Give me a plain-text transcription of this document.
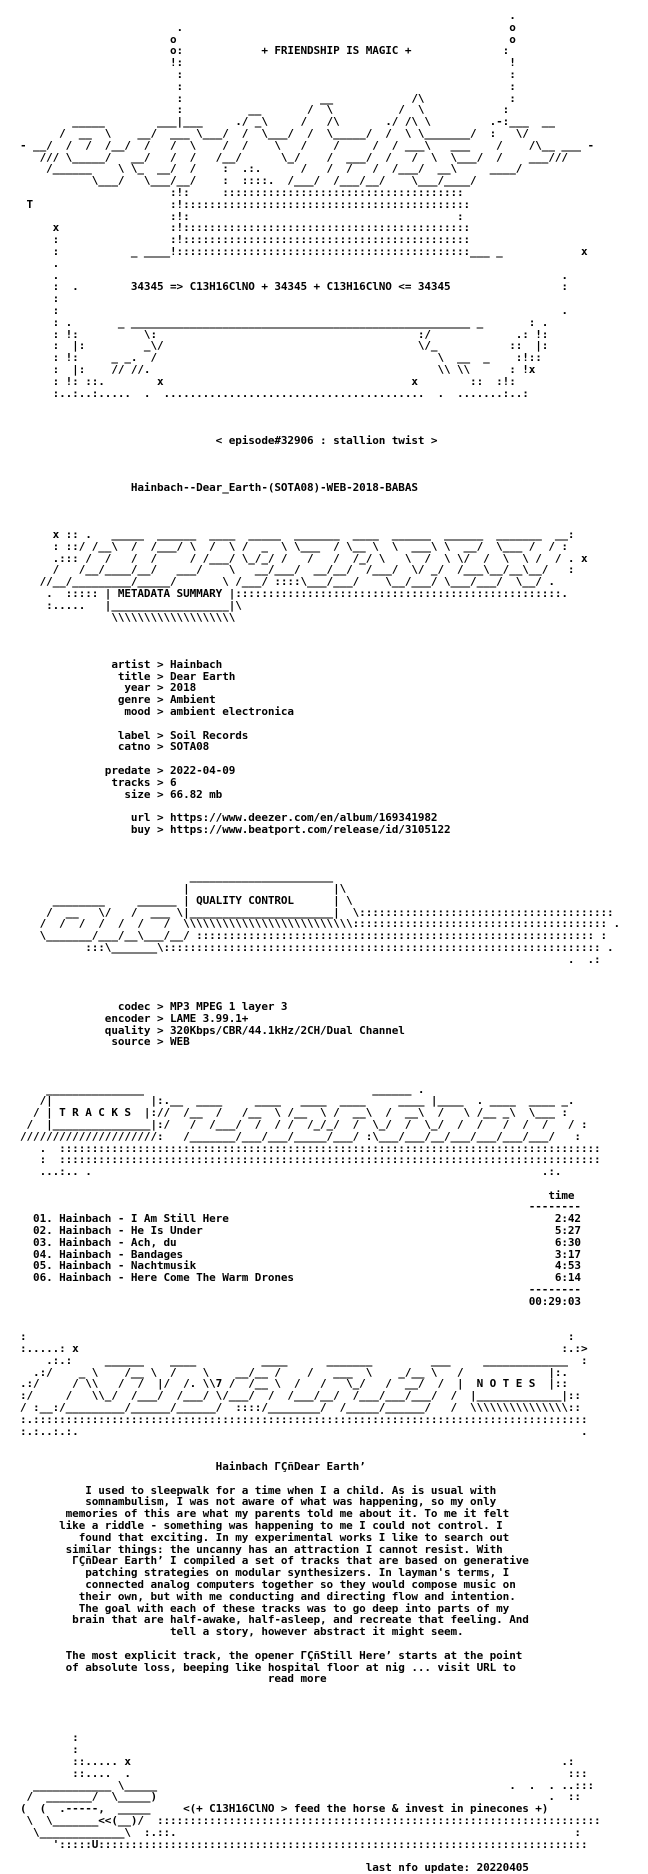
.
.                                                  o
o                                                   o
o:            + FRIENDSHIP IS MAGIC +              :
!:                                                  !
:                                                  :
:                                                  :
:                     __            /\             :
:          __       /  \          /  \            :
_____        ___|___     ./ _\     /   /\       ./ /\ \         .-:___  __
/  __  \    __/  ___ \___/  /  \___/  /  \_____/  /  \ \_______/  :   \/
- __/  /  /  /__/  /   /  \    /  /    \   /    /     /  / ___\   ___    /    /\__ ___ -
/// \_____/   __/   /  /   /__/      \_/    /  ___/  /   /  \  \___/  /    ___///
/______    \ \_  __/  /    :  .:.      /   /  /   /  /___/  __\     ____/
\___/   \___/__/    :  ::::.  /___/  /___/__/    \___/____/
:!:     :::::::::::::::::::::::::::::::::::::
T                     :!::::::::::::::::::::::::::::::::::::::::::::
:!:                                         :
x                 :!::::::::::::::::::::::::::::::::::::::::::::
:                 :!::::::::::::::::::::::::::::::::::::::::::::
:           _ ____!:::::::::::::::::::::::::::::::::::::::::::::___ _            x
.
.                                                                             .
:  .        34345 => C13H16ClNO + 34345 + C13H16ClNO <= 34345                 :
:
:                                                                             .
: .       _ ____________________________________________________ _       : .
: !:          \:                                        :/             .: !:
:  |:         _\/                                       \/_           ::  |:
: !:     _ _.  /                                           \  __  _    :!::
:  |:    // //.                                            \\ \\      : !x
: !: ::.        x                                      x        ::  :!:
:..:..:.....  .  ........................................  .  .......:..:

< episode#32906 : stallion twist >

Hainbach--Dear_Earth-(SOTA08)-WEB-2018-BABAS

x :: .   _____  ______  ____  _____  _______  ____  ______  ______  _______  __:
: ::/ /__\  /  /___/ \  /  \ /  _  \ \___  / \__ \  \  ___\ \  __/  \___ /  / :
.::: /  /   /  /     / /___/ \_/_/ /   /   /  /_/ \   \  /  \ \/  /  \  \ /  / . x
/   /__/____/__/   ___/    \   __/___/  __/__/  /___/  \/ _/  /___\__/__\__/   :
//__/_________/_____/       \ /___/ ::::\___/___/    \__/___/ \___/___/  \__/ .
.  ::::: | METADATA SUMMARY |::::::::::::::::::::::::::::::::::::::::::::::::::.
:.....   |__________________|\
\\\\\\\\\\\\\\\\\\\

artist > Hainbach
title > Dear Earth
year > 2018
genre > Ambient
mood > ambient electronica

label > Soil Records
catno > SOTA08

predate > 2022-04-09
tracks > 6
size > 66.82 mb

url > https://www.deezer.com/en/album/169341982
buy > https://www.beatport.com/release/id/3105122

______________________
|                      |\
________     ______ | QUALITY CONTROL      | \
/  __   \/   /  ___ \|______________________|  \:::::::::::::::::::::::::::::::::::::::
/  /  /  /  /  /   /  \\\\\\\\\\\\\\\\\\\\\\\\\\::::::::::::::::::::::::::::::::::::::: .
\_______/___/__\___/__/ ::::::::::::::::::::::::::::::::::::::::::::::::::::::::::::: :
:::\_______\::::::::::::::::::::::::::::::::::::::::::::::::::::::::::::::::::: .
.  .:

codec > MP3 MPEG 1 layer 3
encoder > LAME 3.99.1+
quality > 320Kbps/CBR/44.1kHz/2CH/Dual Channel
source > WEB

_______________                                   ______ .
/|               |:.__  ____     ____   ____  ____     ____ |____  . ____  ____ _.
/ | T R A C K S  |://  /__  /   /__  \ /__  \ /  __\  /  __\  /   \ /__ _\  \___ :
/  |_______________|:/   /  /___/  /  / /  /_/_/  /  \_/  /  \_/  /  /   /  /  /   / :
/////////////////////:   /_______/___/___/_____/___/ :\___/___/__/___/___/___/___/   :
.  :::::::::::::::::::::::::::::::::::::::::::::::::::::::::::::::::::::::::::::::::::
:  :::::::::::::::::::::::::::::::::::::::::::::::::::::::::::::::::::::::::::::::::::
...:.. .                                                                     .:.

time
--------
01. Hainbach - I Am Still Here                                                  2:42
02. Hainbach - He Is Under                                                      5:27
03. Hainbach - Ach, du                                                          6:30
04. Hainbach - Bandages                                                         3:17
05. Hainbach - Nachtmusik                                                       4:53
06. Hainbach - Here Come The Warm Drones                                        6:14
--------
00:29:03

:                                                                                   :
:.....: x                                                                          :.:>
.:.:     ______    ____          ____      _______         ___     _____________  :
.:/    _ \    /__ \  /    \    __/__ /    /   ___  \    _/__ \   /             |:.
.:/     / \\   /  /  |/  /. \\7 /  /__ \  /   /   \_/   /  __/  /  |  N O T E S  |::
:/     /   \\_/  /___/  /___/ \/___/  /  /___/__/  /___/___/___/  /  |_____________|::
/ :__:/_________/______/______/  ::::/________/  /_____/______/   /  \\\\\\\\\\\\\\\::
:.:::::::::::::::::::::::::::::::::::::::::::::::::::::::::::::::::::::::::::::::::::::
:.:..:.:.                                                                             .

Hainbach ΓÇñDear Earth’

I used to sleepwalk for a time when I a child. As is usual with
somnambulism, I was not aware of what was happening, so my only
memories of this are what my parents told me about it. To me it felt
like a riddle - something was happening to me I could not control. I
found that exciting. In my experimental works I like to search out
similar things: the uncanny has an attraction I cannot resist. With
ΓÇñDear Earth’ I compiled a set of tracks that are based on generative
patching strategies on modular synthesizers. In layman's terms, I
connected analog computers together so they would compose music on
their own, but with me conducting and directing flow and intention.
The goal with each of these tracks was to go deep into parts of my
brain that are half-awake, half-asleep, and recreate that feeling. And
tell a story, however abstract it might seem.

The most explicit track, the opener ΓÇñStill Here’ starts at the point
of absolute loss, beeping like hospital floor at nig ... visit URL to
read more

:
:
::..... x                                                                  .:
::....  .                                                                   :::
____________ \_____                                                      .  .  . ..:::
/  _______/  \_____)                                                            .  ::
(  (  .-----,  _____     <(+ C13H16ClNO > feed the horse & invest in pinecones +)
\  \_______<<(__)/  ::::::::::::::::::::::::::::::::::::::::::::::::::::::::::::::::::::
\_____________\  :.::.                                                             :
':::::U:::::::::::::::::::::::::::::::::::::::::::::::::::::::::::::::::::::::::::

last nfo update: 20220405
